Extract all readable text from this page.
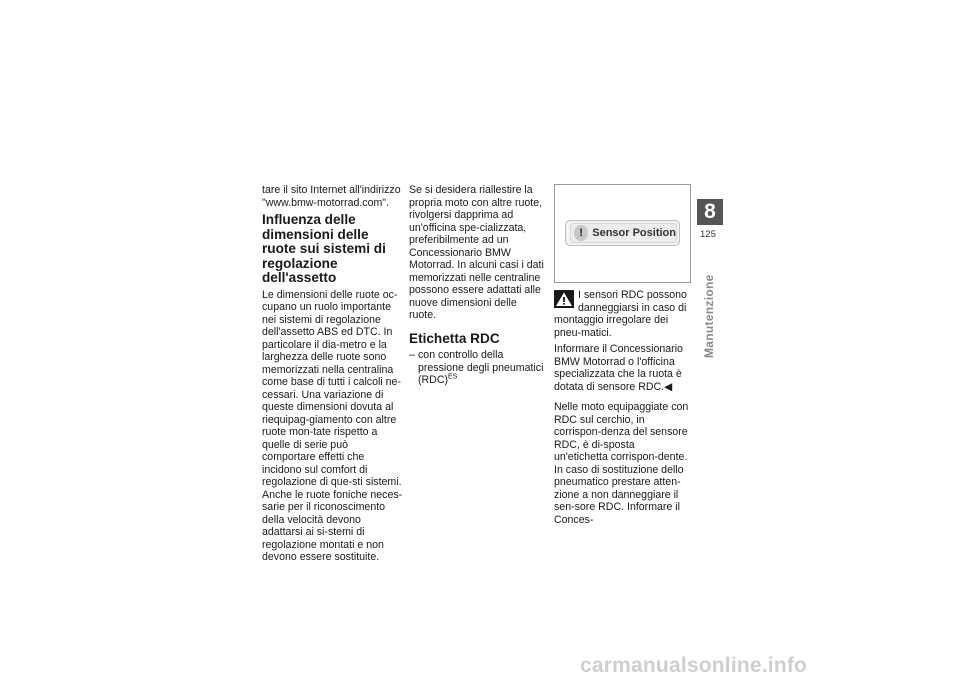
tare il sito Internet all'indirizzo
"www.bmw-motorrad.com".
Influenza delle dimensioni delle ruote sui sistemi di regolazione dell'assetto

Le dimensioni delle ruote oc-cupano un ruolo importante nei sistemi di regolazione dell'assetto ABS ed DTC. In particolare il dia-metro e la larghezza delle ruote sono memorizzati nella centralina come base di tutti i calcoli ne-cessari. Una variazione di queste dimensioni dovuta al riequipag-giamento con altre ruote mon-tate rispetto a quelle di serie può comportare effetti che incidono sul comfort di regolazione di que-sti sistemi.

Anche le ruote foniche neces-sarie per il riconoscimento della velocità devono adattarsi ai si-stemi di regolazione montati e non devono essere sostituite.

Se si desidera riallestire la propria moto con altre ruote, rivolgersi dapprima ad un'officina spe-cializzata, preferibilmente ad un Concessionario BMW Motorrad. In alcuni casi i dati memorizzati nelle centraline possono essere adattati alle nuove dimensioni delle ruote.

Etichetta RDC
– con controllo della pressione degli pneumatici (RDC)$^{ES}$
! Sensor Position

I sensori RDC possono danneggiarsi in caso di montaggio irregolare dei pneu-matici.

Informare il Concessionario BMW Motorrad o l'officina specializzata che la ruota è dotata di sensore RDC.◀

Nelle moto equipaggiate con RDC sul cerchio, in corrispon-denza del sensore RDC, è di-sposta un'etichetta corrispon-dente. In caso di sostituzione dello pneumatico prestare atten-zione a non danneggiare il sen-sore RDC. Informare il Conces-

8
125
Manutenzione
carmanualsonline.info
